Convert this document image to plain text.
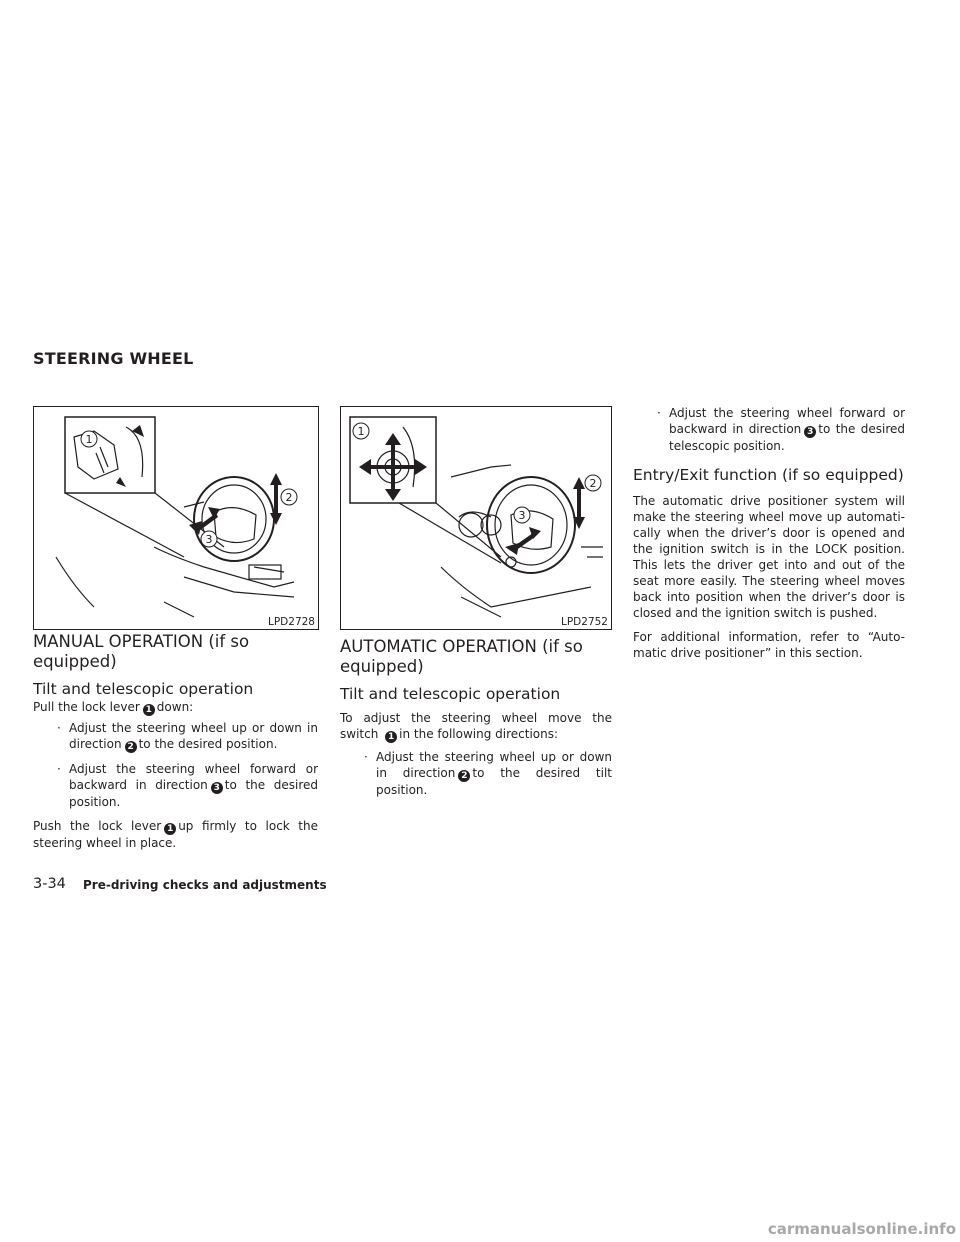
STEERING WHEEL
1
2
3
LPD2728
1
2
3
LPD2752
MANUAL OPERATION (if so equipped)
Tilt and telescopic operation
Pull the lock lever 1 down:
· Adjust the steering wheel up or down in direction 2 to the desired position.
· Adjust the steering wheel forward or backward in direction 3 to the desired position.
Push the lock lever 1 up firmly to lock the steering wheel in place.
AUTOMATIC OPERATION (if so equipped)
Tilt and telescopic operation
To adjust the steering wheel move the switch 1 in the following directions:
· Adjust the steering wheel up or down in direction 2 to the desired tilt position.
· Adjust the steering wheel forward or backward in direction 3 to the desired telescopic position.
Entry/Exit function (if so equipped)
The automatic drive positioner system will make the steering wheel move up automati-cally when the driver’s door is opened and the ignition switch is in the LOCK position. This lets the driver get into and out of the seat more easily. The steering wheel moves back into position when the driver’s door is closed and the ignition switch is pushed.
For additional information, refer to “Auto-matic drive positioner” in this section.
3-34 Pre-driving checks and adjustments
carmanualsonline.info
